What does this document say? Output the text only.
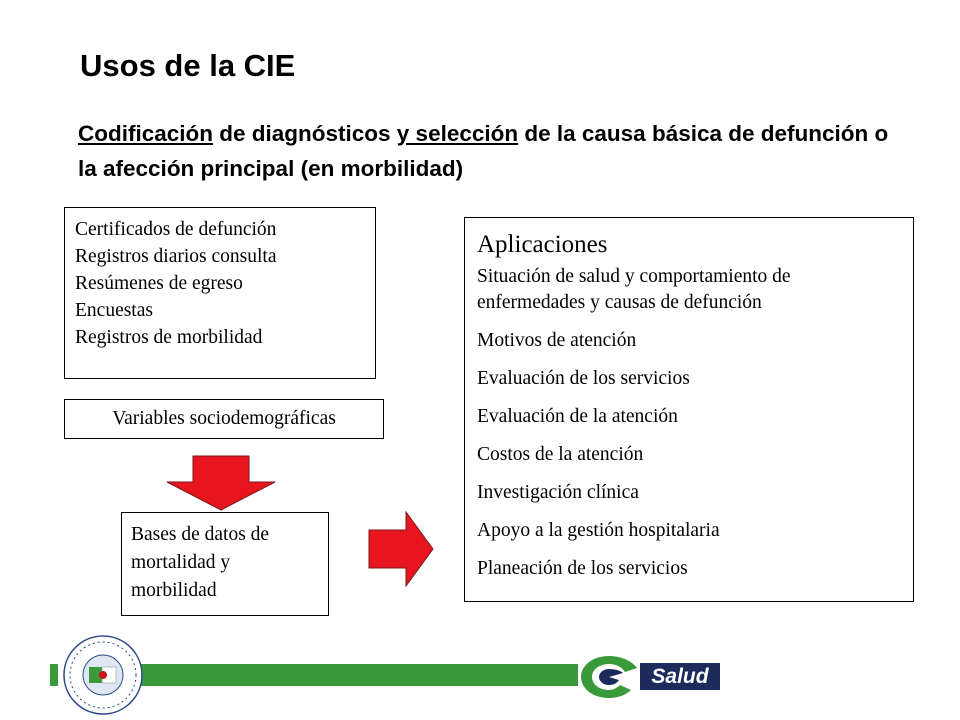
Usos de la CIE
Codificación de diagnósticos y selección de la causa básica de defunción o la afección principal (en morbilidad)
Certificados de defunción
Registros diarios consulta
Resúmenes de egreso
Encuestas
Registros de morbilidad
Variables sociodemográficas
Bases de datos de
mortalidad y
morbilidad
Aplicaciones
Situación de salud y comportamiento de enfermedades y causas de defunción
Motivos de atención
Evaluación de los servicios
Evaluación de la atención
Costos de la atención
Investigación clínica
Apoyo a la gestión hospitalaria
Planeación de los servicios
Salud
